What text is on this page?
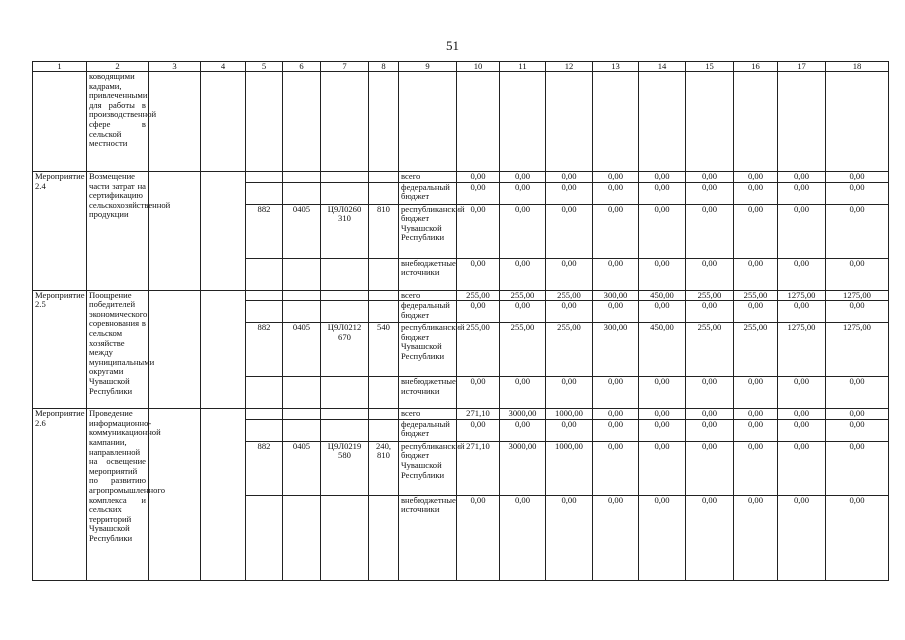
51
1	2	3	4	5	6	7	8	9	10	11	12	13	14	15	16	17	18
	ководящими кадрами, привлеченными для работы в производственной сфере в сельской местности																
Мероприятие 2.4	Возмещение части затрат на сертификацию сельскохозяйственной продукции							всего	0,00	0,00	0,00	0,00	0,00	0,00	0,00	0,00	0,00
								федеральный бюджет	0,00	0,00	0,00	0,00	0,00	0,00	0,00	0,00	0,00
				882	0405	Ц9Л0260 310	810	республиканский бюджет Чувашской Республики	0,00	0,00	0,00	0,00	0,00	0,00	0,00	0,00	0,00
								внебюджетные источники	0,00	0,00	0,00	0,00	0,00	0,00	0,00	0,00	0,00
Мероприятие 2.5	Поощрение победителей экономического соревнования в сельском хозяйстве между муниципальными округами Чувашской Республики							всего	255,00	255,00	255,00	300,00	450,00	255,00	255,00	1275,00	1275,00
								федеральный бюджет	0,00	0,00	0,00	0,00	0,00	0,00	0,00	0,00	0,00
				882	0405	Ц9Л0212 670	540	республиканский бюджет Чувашской Республики	255,00	255,00	255,00	300,00	450,00	255,00	255,00	1275,00	1275,00
								внебюджетные источники	0,00	0,00	0,00	0,00	0,00	0,00	0,00	0,00	0,00
Мероприятие 2.6	Проведение информационно-коммуникационной кампании, направленной на освещение мероприятий по развитию агропромышленного комплекса и сельских территорий Чувашской Республики							всего	271,10	3000,00	1000,00	0,00	0,00	0,00	0,00	0,00	0,00
								федеральный бюджет	0,00	0,00	0,00	0,00	0,00	0,00	0,00	0,00	0,00
				882	0405	Ц9Л0219 580	240, 810	республиканский бюджет Чувашской Республики	271,10	3000,00	1000,00	0,00	0,00	0,00	0,00	0,00	0,00
								внебюджетные источники	0,00	0,00	0,00	0,00	0,00	0,00	0,00	0,00	0,00
